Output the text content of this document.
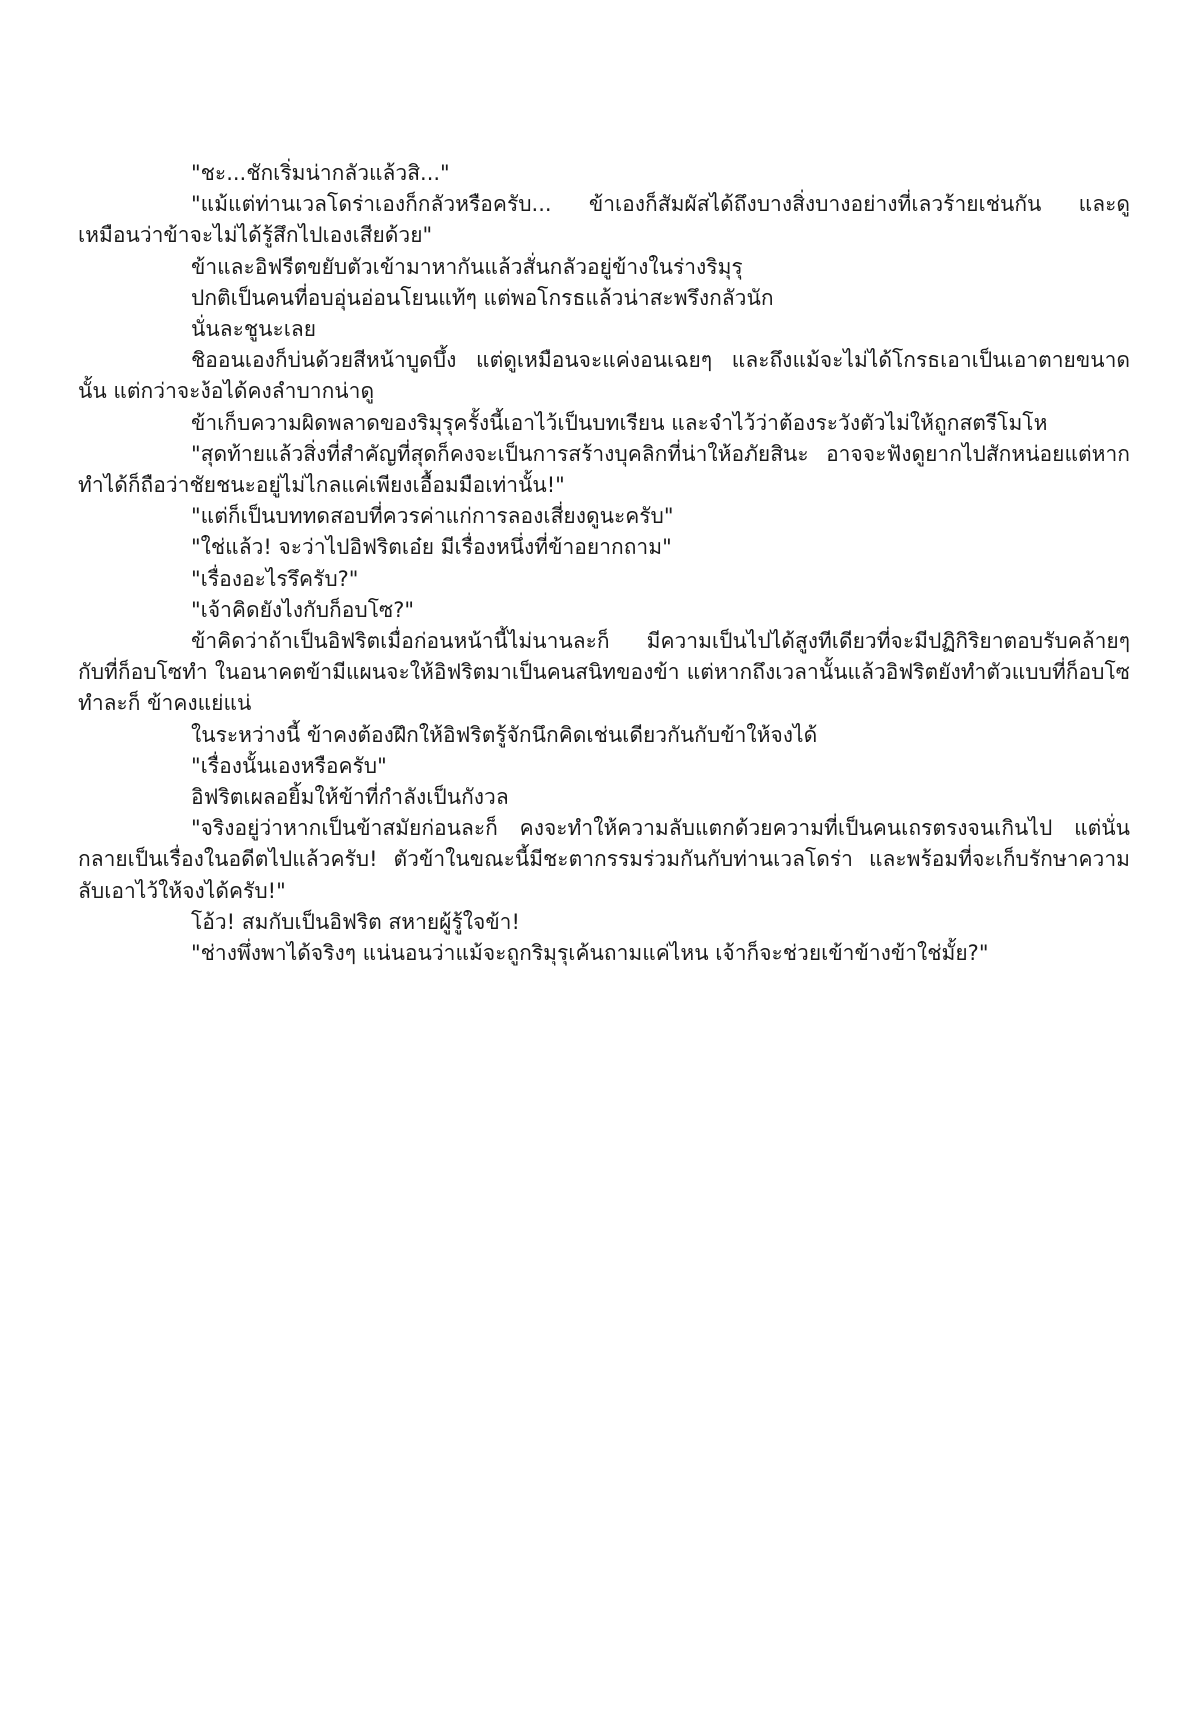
"ชะ...ชักเริ่มน่ากลัวแล้วสิ..."

"แม้แต่ท่านเวลโดร่าเองก็กลัวหรือครับ... ข้าเองก็สัมผัสได้ถึงบางสิ่งบางอย่างที่เลวร้ายเช่นกัน และดูเหมือนว่าข้าจะไม่ได้รู้สึกไปเองเสียด้วย"

ข้าและอิฟรีตขยับตัวเข้ามาหากันแล้วสั่นกลัวอยู่ข้างในร่างริมุรุ

ปกติเป็นคนที่อบอุ่นอ่อนโยนแท้ๆ แต่พอโกรธแล้วน่าสะพรึงกลัวนัก

นั่นละชูนะเลย

ชิออนเองก็บ่นด้วยสีหน้าบูดบึ้ง แต่ดูเหมือนจะแค่งอนเฉยๆ และถึงแม้จะไม่ได้โกรธเอาเป็นเอาตายขนาดนั้น แต่กว่าจะง้อได้คงลำบากน่าดู

ข้าเก็บความผิดพลาดของริมุรุครั้งนี้เอาไว้เป็นบทเรียน และจำไว้ว่าต้องระวังตัวไม่ให้ถูกสตรีโมโห

"สุดท้ายแล้วสิ่งที่สำคัญที่สุดก็คงจะเป็นการสร้างบุคลิกที่น่าให้อภัยสินะ อาจจะฟังดูยากไปสักหน่อยแต่หากทำได้ก็ถือว่าชัยชนะอยู่ไม่ไกลแค่เพียงเอื้อมมือเท่านั้น!"

"แต่ก็เป็นบททดสอบที่ควรค่าแก่การลองเสี่ยงดูนะครับ"

"ใช่แล้ว! จะว่าไปอิฟริตเอ๋ย มีเรื่องหนึ่งที่ข้าอยากถาม"

"เรื่องอะไรรึครับ?"

"เจ้าคิดยังไงกับก็อบโซ?"

ข้าคิดว่าถ้าเป็นอิฟริตเมื่อก่อนหน้านี้ไม่นานละก็ มีความเป็นไปได้สูงทีเดียวที่จะมีปฏิกิริยาตอบรับคล้ายๆ กับที่ก็อบโซทำ ในอนาคตข้ามีแผนจะให้อิฟริตมาเป็นคนสนิทของข้า แต่หากถึงเวลานั้นแล้วอิฟริตยังทำตัวแบบที่ก็อบโซทำละก็ ข้าคงแย่แน่

ในระหว่างนี้ ข้าคงต้องฝึกให้อิฟริตรู้จักนึกคิดเช่นเดียวกันกับข้าให้จงได้

"เรื่องนั้นเองหรือครับ"

อิฟริตเผลอยิ้มให้ข้าที่กำลังเป็นกังวล

"จริงอยู่ว่าหากเป็นข้าสมัยก่อนละก็ คงจะทำให้ความลับแตกด้วยความที่เป็นคนเถรตรงจนเกินไป แต่นั่นกลายเป็นเรื่องในอดีตไปแล้วครับ! ตัวข้าในขณะนี้มีชะตากรรมร่วมกันกับท่านเวลโดร่า และพร้อมที่จะเก็บรักษาความลับเอาไว้ให้จงได้ครับ!"

โอ้ว! สมกับเป็นอิฟริต สหายผู้รู้ใจข้า!

"ช่างพึ่งพาได้จริงๆ แน่นอนว่าแม้จะถูกริมุรุเค้นถามแค่ไหน เจ้าก็จะช่วยเข้าข้างข้าใช่มั้ย?"
